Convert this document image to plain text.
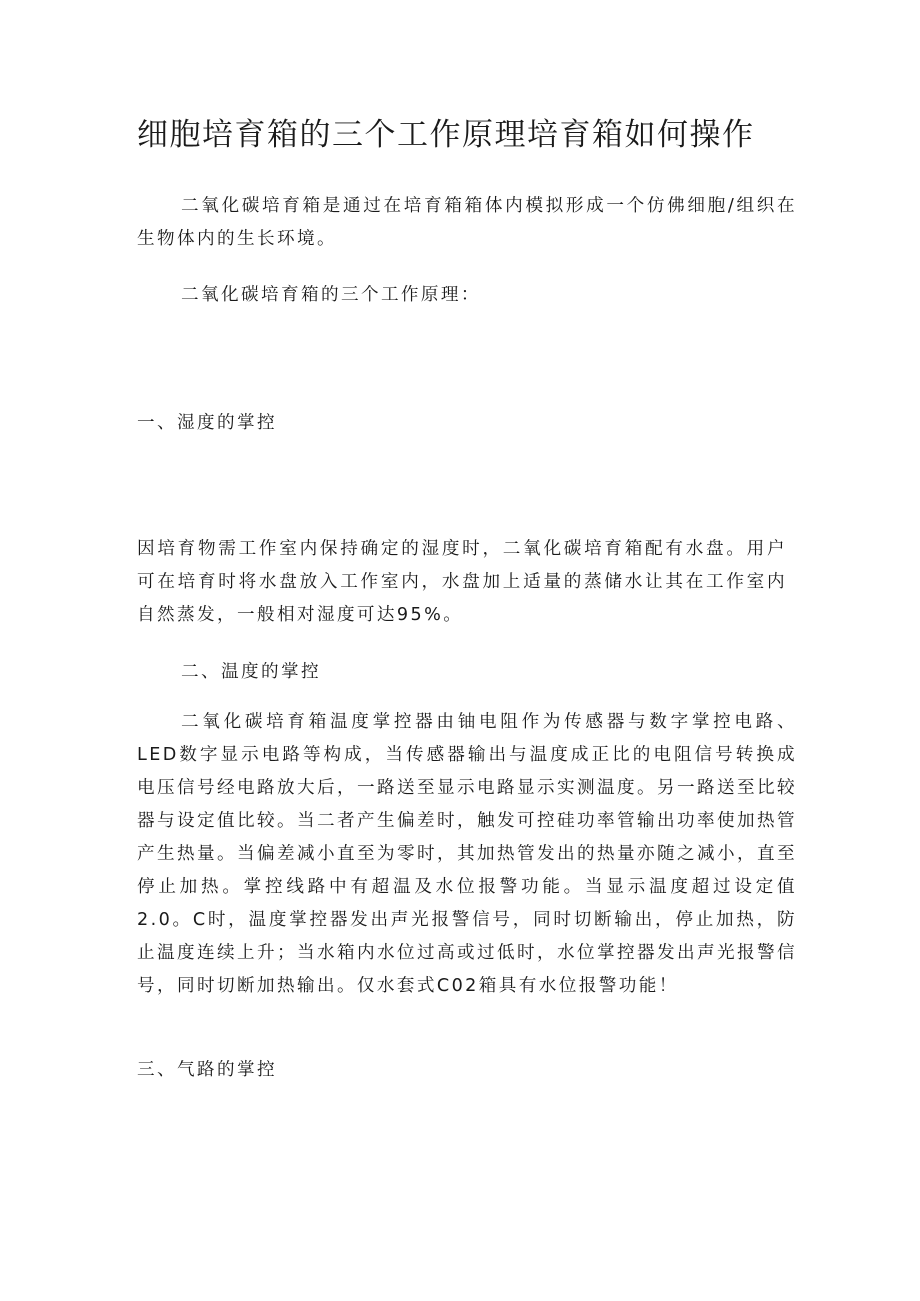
细胞培育箱的三个工作原理培育箱如何操作

二氧化碳培育箱是通过在培育箱箱体内模拟形成一个仿佛细胞/组织在生物体内的生长环境。

二氧化碳培育箱的三个工作原理：

一、湿度的掌控

因培育物需工作室内保持确定的湿度时，二氧化碳培育箱配有水盘。用户可在培育时将水盘放入工作室内，水盘加上适量的蒸储水让其在工作室内自然蒸发，一般相对湿度可达95%。

二、温度的掌控

二氧化碳培育箱温度掌控器由铀电阻作为传感器与数字掌控电路、LED数字显示电路等构成，当传感器输出与温度成正比的电阻信号转换成电压信号经电路放大后，一路送至显示电路显示实测温度。另一路送至比较器与设定值比较。当二者产生偏差时，触发可控硅功率管输出功率使加热管产生热量。当偏差减小直至为零时，其加热管发出的热量亦随之减小，直至停止加热。掌控线路中有超温及水位报警功能。当显示温度超过设定值2.0。C时，温度掌控器发出声光报警信号，同时切断输出，停止加热，防止温度连续上升；当水箱内水位过高或过低时，水位掌控器发出声光报警信号，同时切断加热输出。仅水套式C02箱具有水位报警功能！

三、气路的掌控
